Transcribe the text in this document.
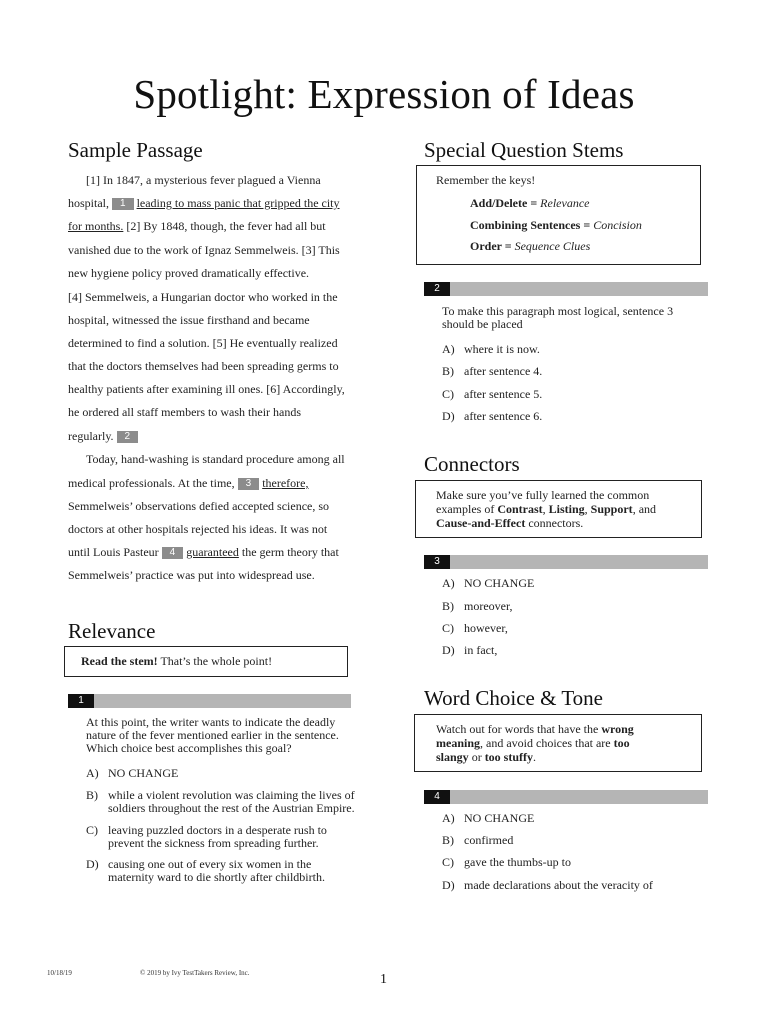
Spotlight: Expression of Ideas
Sample Passage
[1] In 1847, a mysterious fever plagued a Vienna
hospital, 1 leading to mass panic that gripped the city
for months. [2] By 1848, though, the fever had all but
vanished due to the work of Ignaz Semmelweis. [3] This
new hygiene policy proved dramatically effective.
[4] Semmelweis, a Hungarian doctor who worked in the
hospital, witnessed the issue firsthand and became
determined to find a solution. [5] He eventually realized
that the doctors themselves had been spreading germs to
healthy patients after examining ill ones. [6] Accordingly,
he ordered all staff members to wash their hands
regularly. 2
Today, hand-washing is standard procedure among all
medical professionals. At the time, 3 therefore,
Semmelweis’ observations defied accepted science, so
doctors at other hospitals rejected his ideas. It was not
until Louis Pasteur 4 guaranteed the germ theory that
Semmelweis’ practice was put into widespread use.
Relevance
Read the stem! That’s the whole point!
1
At this point, the writer wants to indicate the deadly
nature of the fever mentioned earlier in the sentence.
Which choice best accomplishes this goal?
A) NO CHANGE
B) while a violent revolution was claiming the lives of
soldiers throughout the rest of the Austrian Empire.
C) leaving puzzled doctors in a desperate rush to
prevent the sickness from spreading further.
D) causing one out of every six women in the
maternity ward to die shortly after childbirth.
Special Question Stems
Remember the keys!
Add/Delete = Relevance
Combining Sentences = Concision
Order = Sequence Clues
2
To make this paragraph most logical, sentence 3
should be placed
A) where it is now.
B) after sentence 4.
C) after sentence 5.
D) after sentence 6.
Connectors
Make sure you’ve fully learned the common
examples of Contrast, Listing, Support, and
Cause-and-Effect connectors.
3
A) NO CHANGE
B) moreover,
C) however,
D) in fact,
Word Choice & Tone
Watch out for words that have the wrong
meaning, and avoid choices that are too
slangy or too stuffy.
4
A) NO CHANGE
B) confirmed
C) gave the thumbs-up to
D) made declarations about the veracity of
10/18/19	© 2019 by Ivy TestTakers Review, Inc.	1
